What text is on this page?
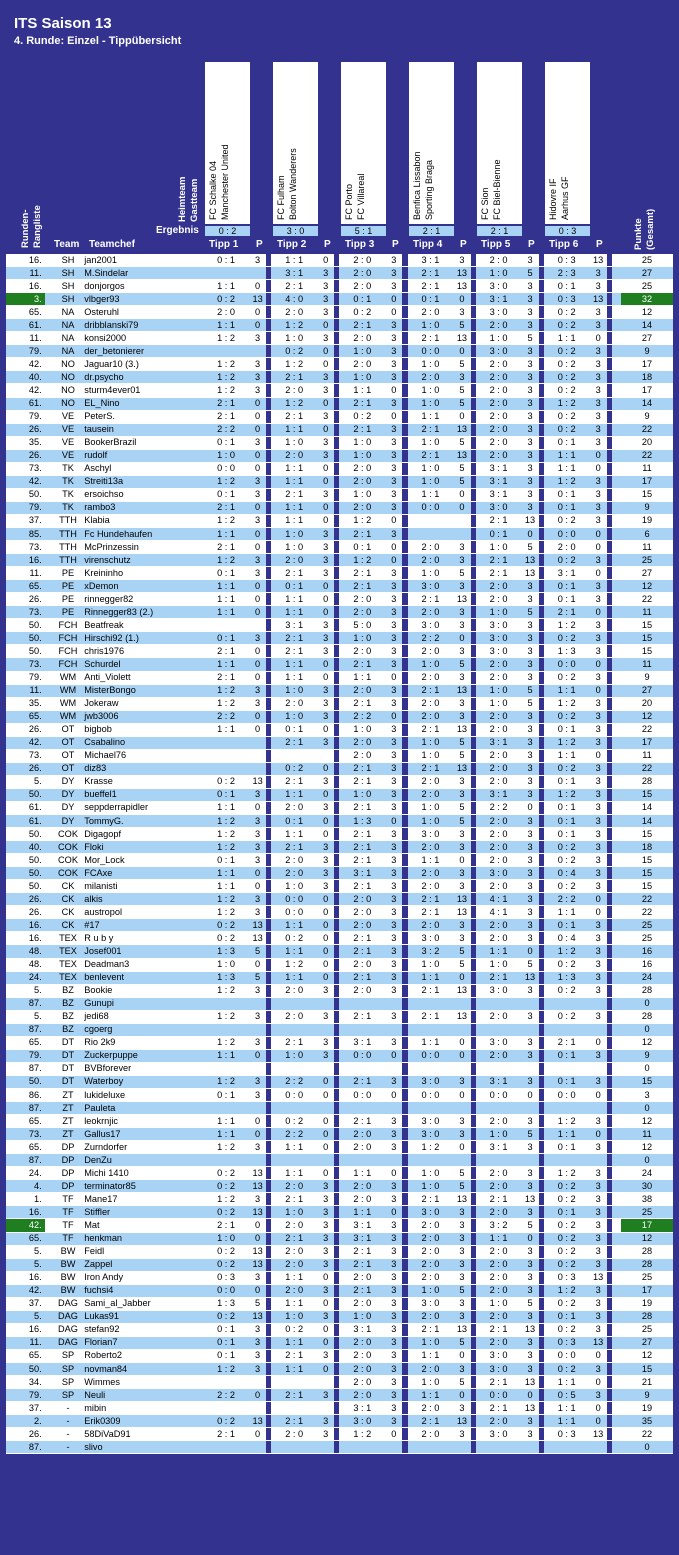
ITS Saison 13
4. Runde: Einzel - Tippübersicht
Runden- Rangliste
Heimteam Gastteam
Ergebnis
Team Teamchef	Punkte (Gesamt)
FC Schalke 04 Manchester United
0 : 2
Tipp 1 P
FC Fulham Bolton Wanderers
3 : 0
Tipp 2 P
FC Porto FC Villareal
5 : 1
Tipp 3 P
Benfica Lissabon Sporting Braga
2 : 1
Tipp 4 P
FC Sion FC Biel-Bienne
2 : 1
Tipp 5 P
Hidovre IF Aarhus GF
0 : 3
Tipp 6 P
16.		SH	jan2001	0 : 1	3		1 : 1	0		2 : 0	3		3 : 1	3		2 : 0	3		0 : 3	13			25
11.		SH	M.Sindelar				3 : 1	3		2 : 0	3		2 : 1	13		1 : 0	5		2 : 3	3			27
16.		SH	donjorgos	1 : 1	0		2 : 1	3		2 : 0	3		2 : 1	13		3 : 0	3		0 : 1	3			25
3.		SH	vlbger93	0 : 2	13		4 : 0	3		0 : 1	0		0 : 1	0		3 : 1	3		0 : 3	13			32
65.		NA	Osteruhl	2 : 0	0		2 : 0	3		0 : 2	0		2 : 0	3		3 : 0	3		0 : 2	3			12
61.		NA	dribblanski79	1 : 1	0		1 : 2	0		2 : 1	3		1 : 0	5		2 : 0	3		0 : 2	3			14
11.		NA	konsi2000	1 : 2	3		1 : 0	3		2 : 0	3		2 : 1	13		1 : 0	5		1 : 1	0			27
79.		NA	der_betonierer				0 : 2	0		1 : 0	3		0 : 0	0		3 : 0	3		0 : 2	3			9
42.		NO	Jaguar10 (3.)	1 : 2	3		1 : 2	0		2 : 0	3		1 : 0	5		2 : 0	3		0 : 2	3			17
40.		NO	dr.psycho	1 : 2	3		2 : 1	3		1 : 0	3		2 : 0	3		2 : 0	3		0 : 2	3			18
42.		NO	sturm4ever01	1 : 2	3		2 : 0	3		1 : 1	0		1 : 0	5		2 : 0	3		0 : 2	3			17
61.		NO	EL_Nino	2 : 1	0		1 : 2	0		2 : 1	3		1 : 0	5		2 : 0	3		1 : 2	3			14
79.		VE	PeterS.	2 : 1	0		2 : 1	3		0 : 2	0		1 : 1	0		2 : 0	3		0 : 2	3			9
26.		VE	tausein	2 : 2	0		1 : 1	0		2 : 1	3		2 : 1	13		2 : 0	3		0 : 2	3			22
35.		VE	BookerBrazil	0 : 1	3		1 : 0	3		1 : 0	3		1 : 0	5		2 : 0	3		0 : 1	3			20
26.		VE	rudolf	1 : 0	0		2 : 0	3		1 : 0	3		2 : 1	13		2 : 0	3		1 : 1	0			22
73.		TK	Aschyl	0 : 0	0		1 : 1	0		2 : 0	3		1 : 0	5		3 : 1	3		1 : 1	0			11
42.		TK	Streiti13a	1 : 2	3		1 : 1	0		2 : 0	3		1 : 0	5		3 : 1	3		1 : 2	3			17
50.		TK	ersoichso	0 : 1	3		2 : 1	3		1 : 0	3		1 : 1	0		3 : 1	3		0 : 1	3			15
79.		TK	rambo3	2 : 1	0		1 : 1	0		2 : 0	3		0 : 0	0		3 : 0	3		0 : 1	3			9
37.		TTH	Klabia	1 : 2	3		1 : 1	0		1 : 2	0					2 : 1	13		0 : 2	3			19
85.		TTH	Fc Hundehaufen	1 : 1	0		1 : 0	3		2 : 1	3					0 : 1	0		0 : 0	0			6
73.		TTH	McPrinzessin	2 : 1	0		1 : 0	3		0 : 1	0		2 : 0	3		1 : 0	5		2 : 0	0			11
16.		TTH	virenschutz	1 : 2	3		2 : 0	3		1 : 2	0		2 : 0	3		2 : 1	13		0 : 2	3			25
11.		PE	Kreininho	0 : 1	3		2 : 1	3		2 : 1	3		1 : 0	5		2 : 1	13		3 : 1	0			27
65.		PE	xDemon	1 : 1	0		0 : 1	0		2 : 1	3		3 : 0	3		2 : 0	3		0 : 1	3			12
26.		PE	rinnegger82	1 : 1	0		1 : 1	0		2 : 0	3		2 : 1	13		2 : 0	3		0 : 1	3			22
73.		PE	Rinnegger83 (2.)	1 : 1	0		1 : 1	0		2 : 0	3		2 : 0	3		1 : 0	5		2 : 1	0			11
50.		FCH	Beatfreak				3 : 1	3		5 : 0	3		3 : 0	3		3 : 0	3		1 : 2	3			15
50.		FCH	Hirschi92 (1.)	0 : 1	3		2 : 1	3		1 : 0	3		2 : 2	0		3 : 0	3		0 : 2	3			15
50.		FCH	chris1976	2 : 1	0		2 : 1	3		2 : 0	3		2 : 0	3		3 : 0	3		1 : 3	3			15
73.		FCH	Schurdel	1 : 1	0		1 : 1	0		2 : 1	3		1 : 0	5		2 : 0	3		0 : 0	0			11
79.		WM	Anti_Violett	2 : 1	0		1 : 1	0		1 : 1	0		2 : 0	3		2 : 0	3		0 : 2	3			9
11.		WM	MisterBongo	1 : 2	3		1 : 0	3		2 : 0	3		2 : 1	13		1 : 0	5		1 : 1	0			27
35.		WM	Jokeraw	1 : 2	3		2 : 0	3		2 : 1	3		2 : 0	3		1 : 0	5		1 : 2	3			20
65.		WM	jwb3006	2 : 2	0		1 : 0	3		2 : 2	0		2 : 0	3		2 : 0	3		0 : 2	3			12
26.		OT	bigbob	1 : 1	0		0 : 1	0		1 : 0	3		2 : 1	13		2 : 0	3		0 : 1	3			22
42.		OT	Csabalino				2 : 1	3		2 : 0	3		1 : 0	5		3 : 1	3		1 : 2	3			17
73.		OT	Michael76							2 : 0	3		1 : 0	5		2 : 0	3		1 : 1	0			11
26.		OT	diz83				0 : 2	0		2 : 1	3		2 : 1	13		2 : 0	3		0 : 2	3			22
5.		DY	Krasse	0 : 2	13		2 : 1	3		2 : 1	3		2 : 0	3		2 : 0	3		0 : 1	3			28
50.		DY	bueffel1	0 : 1	3		1 : 1	0		1 : 0	3		2 : 0	3		3 : 1	3		1 : 2	3			15
61.		DY	seppderrapidler	1 : 1	0		2 : 0	3		2 : 1	3		1 : 0	5		2 : 2	0		0 : 1	3			14
61.		DY	TommyG.	1 : 2	3		0 : 1	0		1 : 3	0		1 : 0	5		2 : 0	3		0 : 1	3			14
50.		COK	Digagopf	1 : 2	3		1 : 1	0		2 : 1	3		3 : 0	3		2 : 0	3		0 : 1	3			15
40.		COK	Floki	1 : 2	3		2 : 1	3		2 : 1	3		2 : 0	3		2 : 0	3		0 : 2	3			18
50.		COK	Mor_Lock	0 : 1	3		2 : 0	3		2 : 1	3		1 : 1	0		2 : 0	3		0 : 2	3			15
50.		COK	FCAxe	1 : 1	0		2 : 0	3		3 : 1	3		2 : 0	3		3 : 0	3		0 : 4	3			15
50.		CK	milanisti	1 : 1	0		1 : 0	3		2 : 1	3		2 : 0	3		2 : 0	3		0 : 2	3			15
26.		CK	alkis	1 : 2	3		0 : 0	0		2 : 0	3		2 : 1	13		4 : 1	3		2 : 2	0			22
26.		CK	austropol	1 : 2	3		0 : 0	0		2 : 0	3		2 : 1	13		4 : 1	3		1 : 1	0			22
16.		CK	#17	0 : 2	13		1 : 1	0		2 : 0	3		2 : 0	3		2 : 0	3		0 : 1	3			25
16.		TEX	R u b y	0 : 2	13		0 : 2	0		2 : 1	3		3 : 0	3		2 : 0	3		0 : 4	3			25
48.		TEX	Josef001	1 : 3	5		1 : 1	0		2 : 1	3		3 : 2	5		1 : 1	0		1 : 2	3			16
48.		TEX	Deadman3	1 : 0	0		1 : 2	0		2 : 0	3		1 : 0	5		1 : 0	5		0 : 2	3			16
24.		TEX	benlevent	1 : 3	5		1 : 1	0		2 : 1	3		1 : 1	0		2 : 1	13		1 : 3	3			24
5.		BZ	Bookie	1 : 2	3		2 : 0	3		2 : 0	3		2 : 1	13		3 : 0	3		0 : 2	3			28
87.		BZ	Gunupi																				0
5.		BZ	jedi68	1 : 2	3		2 : 0	3		2 : 1	3		2 : 1	13		2 : 0	3		0 : 2	3			28
87.		BZ	cgoerg																				0
65.		DT	Rio 2k9	1 : 2	3		2 : 1	3		3 : 1	3		1 : 1	0		3 : 0	3		2 : 1	0			12
79.		DT	Zuckerpuppe	1 : 1	0		1 : 0	3		0 : 0	0		0 : 0	0		2 : 0	3		0 : 1	3			9
87.		DT	BVBforever																				0
50.		DT	Waterboy	1 : 2	3		2 : 2	0		2 : 1	3		3 : 0	3		3 : 1	3		0 : 1	3			15
86.		ZT	lukideluxe	0 : 1	3		0 : 0	0		0 : 0	0		0 : 0	0		0 : 0	0		0 : 0	0			3
87.		ZT	Pauleta																				0
65.		ZT	leokrnjic	1 : 1	0		0 : 2	0		2 : 1	3		3 : 0	3		2 : 0	3		1 : 2	3			12
73.		ZT	Gallus17	1 : 1	0		2 : 2	0		2 : 0	3		3 : 0	3		1 : 0	5		1 : 1	0			11
65.		DP	Zurndorfer	1 : 2	3		1 : 1	0		2 : 0	3		1 : 2	0		3 : 1	3		0 : 1	3			12
87.		DP	DenZu																				0
24.		DP	Michi 1410	0 : 2	13		1 : 1	0		1 : 1	0		1 : 0	5		2 : 0	3		1 : 2	3			24
4.		DP	terminator85	0 : 2	13		2 : 0	3		2 : 0	3		1 : 0	5		2 : 0	3		0 : 2	3			30
1.		TF	Mane17	1 : 2	3		2 : 1	3		2 : 0	3		2 : 1	13		2 : 1	13		0 : 2	3			38
16.		TF	Stiffler	0 : 2	13		1 : 0	3		1 : 1	0		3 : 0	3		2 : 0	3		0 : 1	3			25
42.		TF	Mat	2 : 1	0		2 : 0	3		3 : 1	3		2 : 0	3		3 : 2	5		0 : 2	3			17
65.		TF	henkman	1 : 0	0		2 : 1	3		3 : 1	3		2 : 0	3		1 : 1	0		0 : 2	3			12
5.		BW	Feidl	0 : 2	13		2 : 0	3		2 : 1	3		2 : 0	3		2 : 0	3		0 : 2	3			28
5.		BW	Zappel	0 : 2	13		2 : 0	3		2 : 1	3		2 : 0	3		2 : 0	3		0 : 2	3			28
16.		BW	Iron Andy	0 : 3	3		1 : 1	0		2 : 0	3		2 : 0	3		2 : 0	3		0 : 3	13			25
42.		BW	fuchsi4	0 : 0	0		2 : 0	3		2 : 1	3		1 : 0	5		2 : 0	3		1 : 2	3			17
37.		DAG	Sami_al_Jabber	1 : 3	5		1 : 1	0		2 : 0	3		3 : 0	3		1 : 0	5		0 : 2	3			19
5.		DAG	Lukas91	0 : 2	13		1 : 0	3		1 : 0	3		2 : 0	3		2 : 0	3		0 : 1	3			28
16.		DAG	stefan92	0 : 1	3		0 : 2	0		3 : 1	3		2 : 1	13		2 : 1	13		0 : 2	3			25
11.		DAG	Florian7	0 : 1	3		1 : 1	0		2 : 0	3		1 : 0	5		2 : 0	3		0 : 3	13			27
65.		SP	Roberto2	0 : 1	3		2 : 1	3		2 : 0	3		1 : 1	0		3 : 0	3		0 : 0	0			12
50.		SP	novman84	1 : 2	3		1 : 1	0		2 : 0	3		2 : 0	3		3 : 0	3		0 : 2	3			15
34.		SP	Wimmes							2 : 0	3		1 : 0	5		2 : 1	13		1 : 1	0			21
79.		SP	Neuli	2 : 2	0		2 : 1	3		2 : 0	3		1 : 1	0		0 : 0	0		0 : 5	3			9
37.		-	mibin							3 : 1	3		2 : 0	3		2 : 1	13		1 : 1	0			19
2.		-	Erik0309	0 : 2	13		2 : 1	3		3 : 0	3		2 : 1	13		2 : 0	3		1 : 1	0			35
26.		-	58DiVaD91	2 : 1	0		2 : 0	3		1 : 2	0		2 : 0	3		3 : 0	3		0 : 3	13			22
87.		-	slivo																				0
